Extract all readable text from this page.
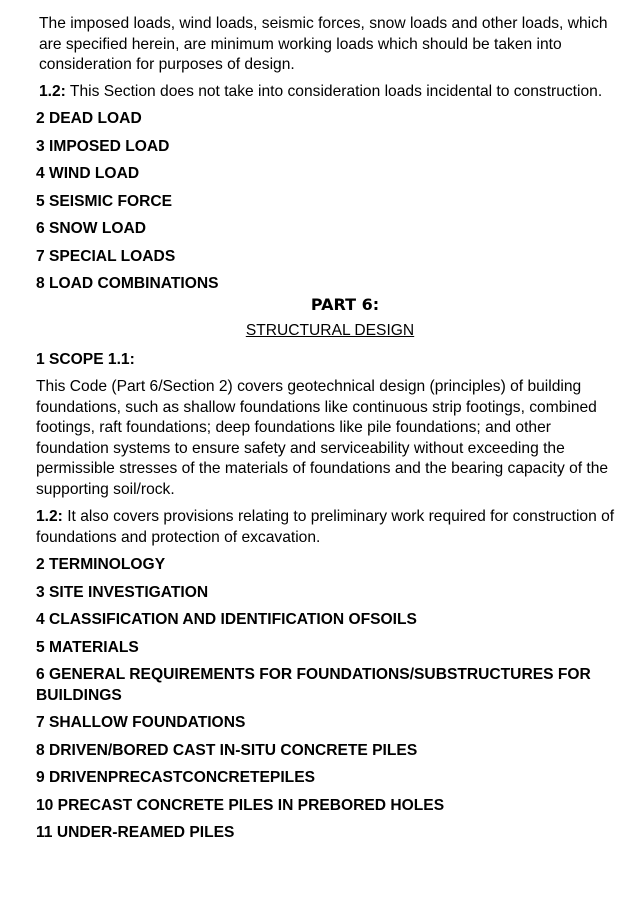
The imposed loads, wind loads, seismic forces, snow loads and other loads, which are specified herein, are minimum working loads which should be taken into consideration for purposes of design.

1.2: This Section does not take into consideration loads incidental to construction.

2 DEAD LOAD

3 IMPOSED LOAD

4 WIND LOAD

5 SEISMIC FORCE

6 SNOW LOAD

7 SPECIAL LOADS

8 LOAD COMBINATIONS

PART 6:

STRUCTURAL DESIGN

1 SCOPE 1.1:

This Code (Part 6/Section 2) covers geotechnical design (principles) of building foundations, such as shallow foundations like continuous strip footings, combined footings, raft foundations; deep foundations like pile foundations; and other foundation systems to ensure safety and serviceability without exceeding the permissible stresses of the materials of foundations and the bearing capacity of the supporting soil/rock.

1.2: It also covers provisions relating to preliminary work required for construction of foundations and protection of excavation.

2 TERMINOLOGY

3 SITE INVESTIGATION

4 CLASSIFICATION AND IDENTIFICATION OFSOILS

5 MATERIALS

6 GENERAL REQUIREMENTS FOR FOUNDATIONS/SUBSTRUCTURES FOR BUILDINGS

7 SHALLOW FOUNDATIONS

8 DRIVEN/BORED CAST IN-SITU CONCRETE PILES

9 DRIVENPRECASTCONCRETEPILES

10 PRECAST CONCRETE PILES IN PREBORED HOLES

11 UNDER-REAMED PILES
